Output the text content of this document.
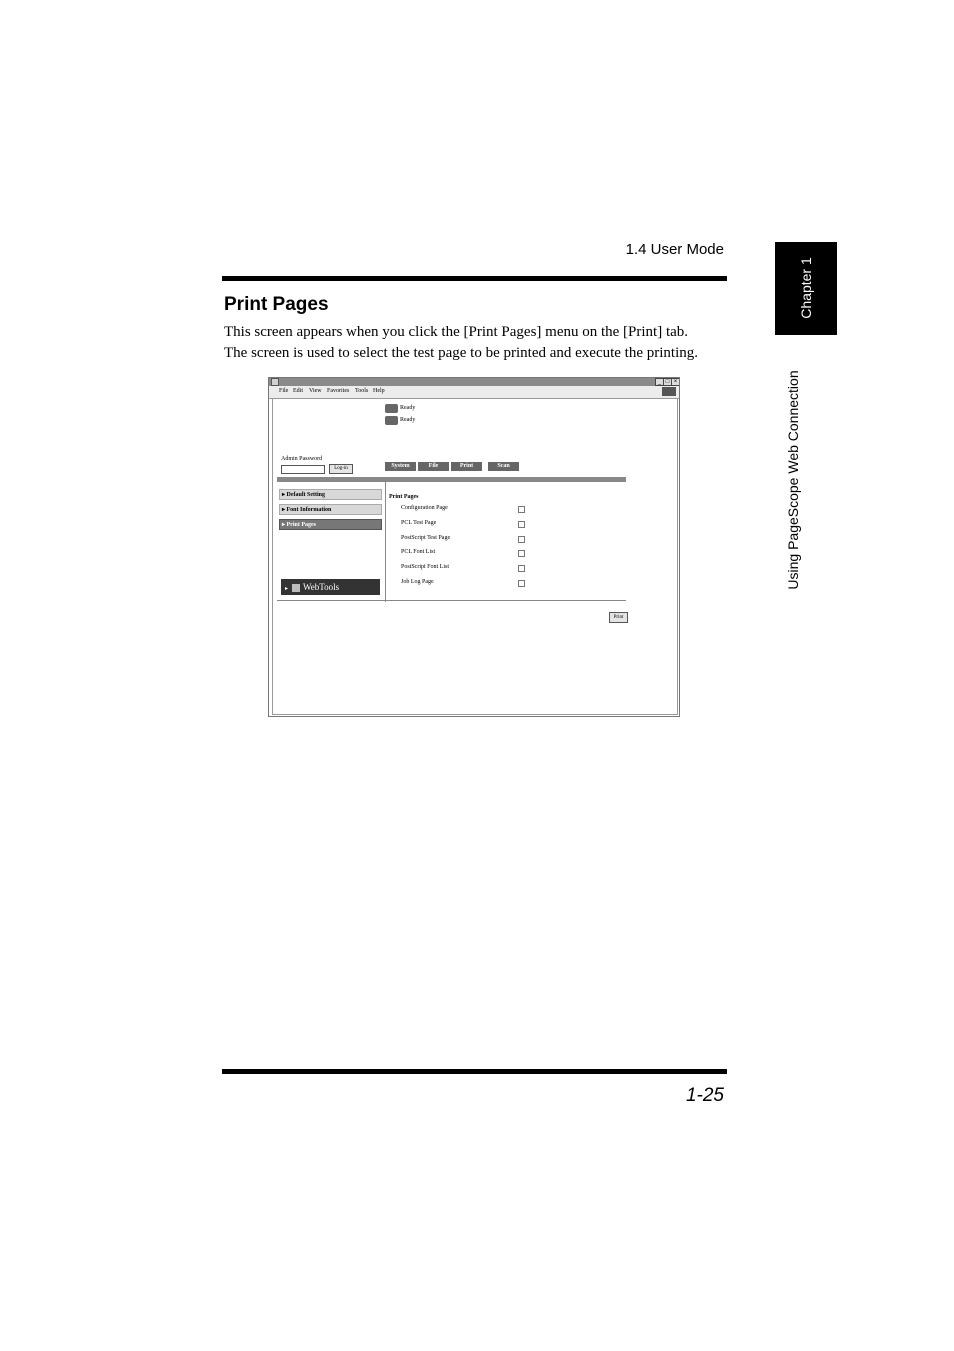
1.4 User Mode
Chapter 1
Using PageScope Web Connection
Print Pages
This screen appears when you click the [Print Pages] menu on the [Print] tab.
The screen is used to select the test page to be printed and execute the printing.
_ □ ×
File Edit View Favorites Tools Help
Ready
Ready
Admin Password
Log-in	System	File	Print	Scan
▸ Default Setting
▸ Font Information
▸ Print Pages
▸ WebTools
Print Pages
Configuration Page
PCL Test Page
PostScript Test Page
PCL Font List
PostScript Font List
Job Log Page
Print
1-25
